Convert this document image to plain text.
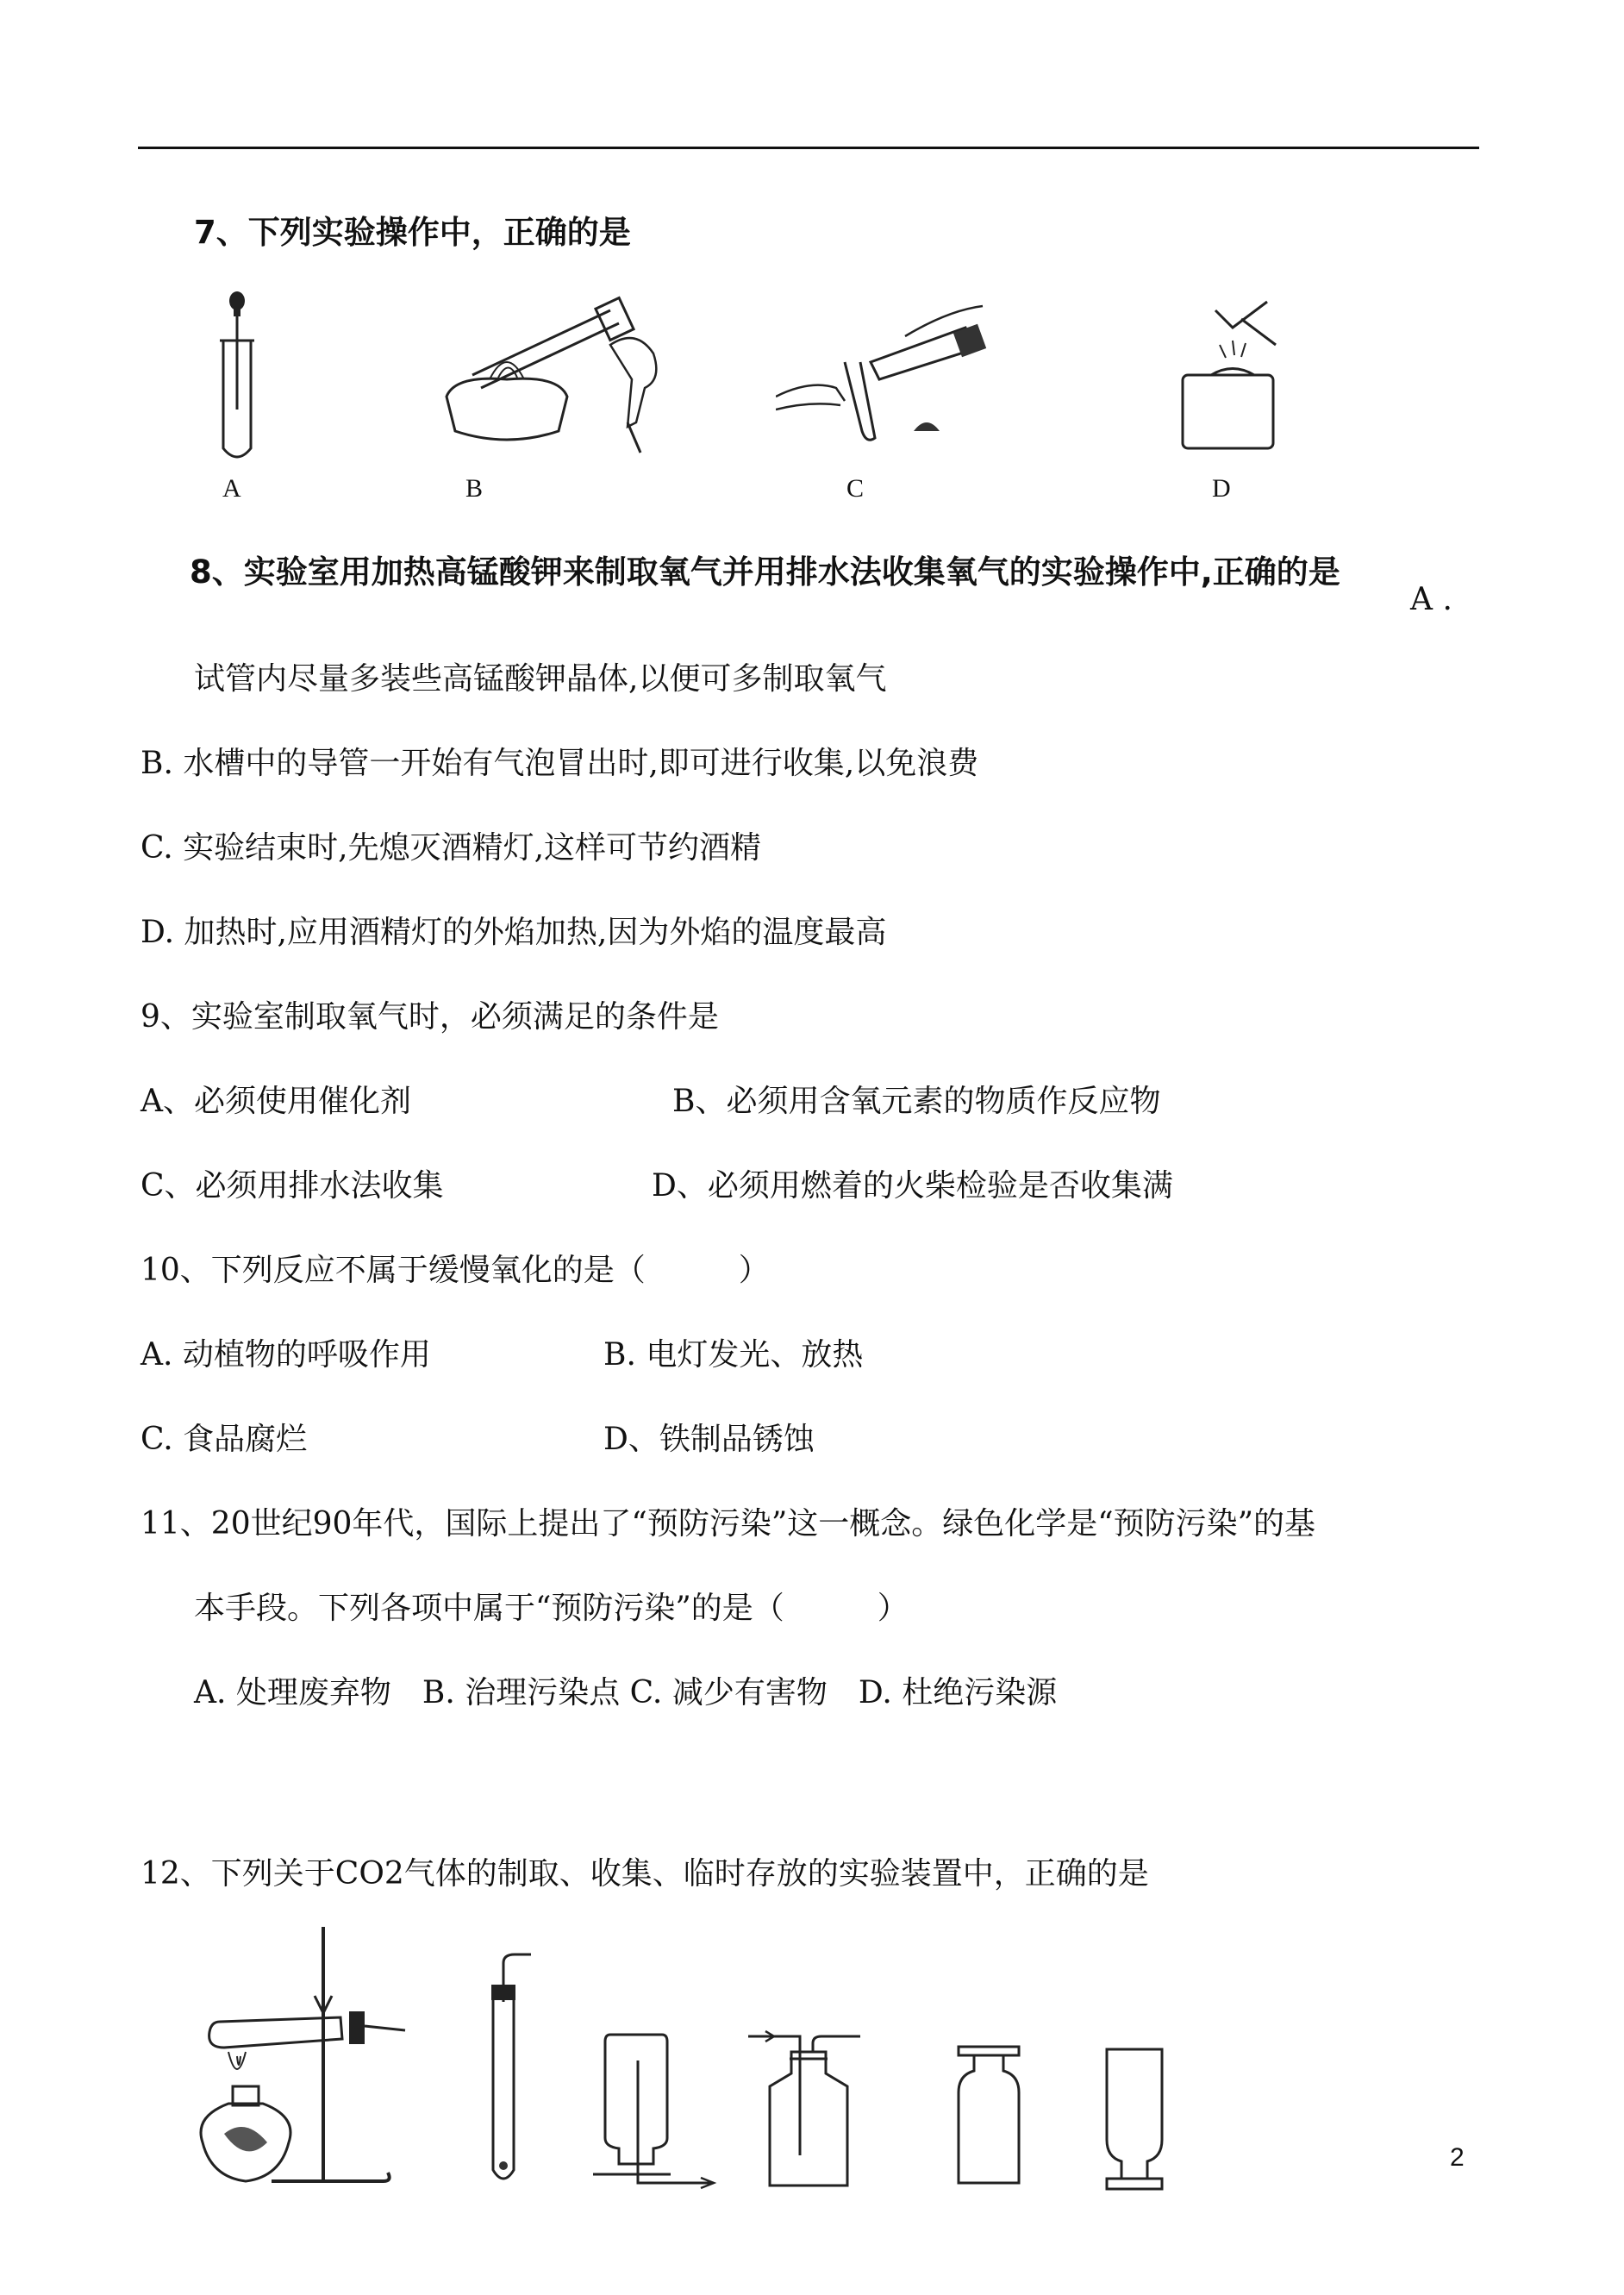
7、下列实验操作中，正确的是
A	B	C	D
8、实验室用加热高锰酸钾来制取氧气并用排水法收集氧气的实验操作中,正确的是
A .
试管内尽量多装些高锰酸钾晶体,以便可多制取氧气
B. 水槽中的导管一开始有气泡冒出时,即可进行收集,以免浪费
C. 实验结束时,先熄灭酒精灯,这样可节约酒精
D. 加热时,应用酒精灯的外焰加热,因为外焰的温度最高
9、实验室制取氧气时，必须满足的条件是
A、必须使用催化剂	B、必须用含氧元素的物质作反应物
C、必须用排水法收集	D、必须用燃着的火柴检验是否收集满
10、下列反应不属于缓慢氧化的是（　　　）
A. 动植物的呼吸作用	B. 电灯发光、放热
C. 食品腐烂	D、铁制品锈蚀
11、20世纪90年代，国际上提出了“预防污染”这一概念。绿色化学是“预防污染”的基
本手段。下列各项中属于“预防污染”的是（　　　）
A. 处理废弃物　B. 治理污染点 C. 减少有害物　D. 杜绝污染源
12、下列关于CO2气体的制取、收集、临时存放的实验装置中，正确的是
2
